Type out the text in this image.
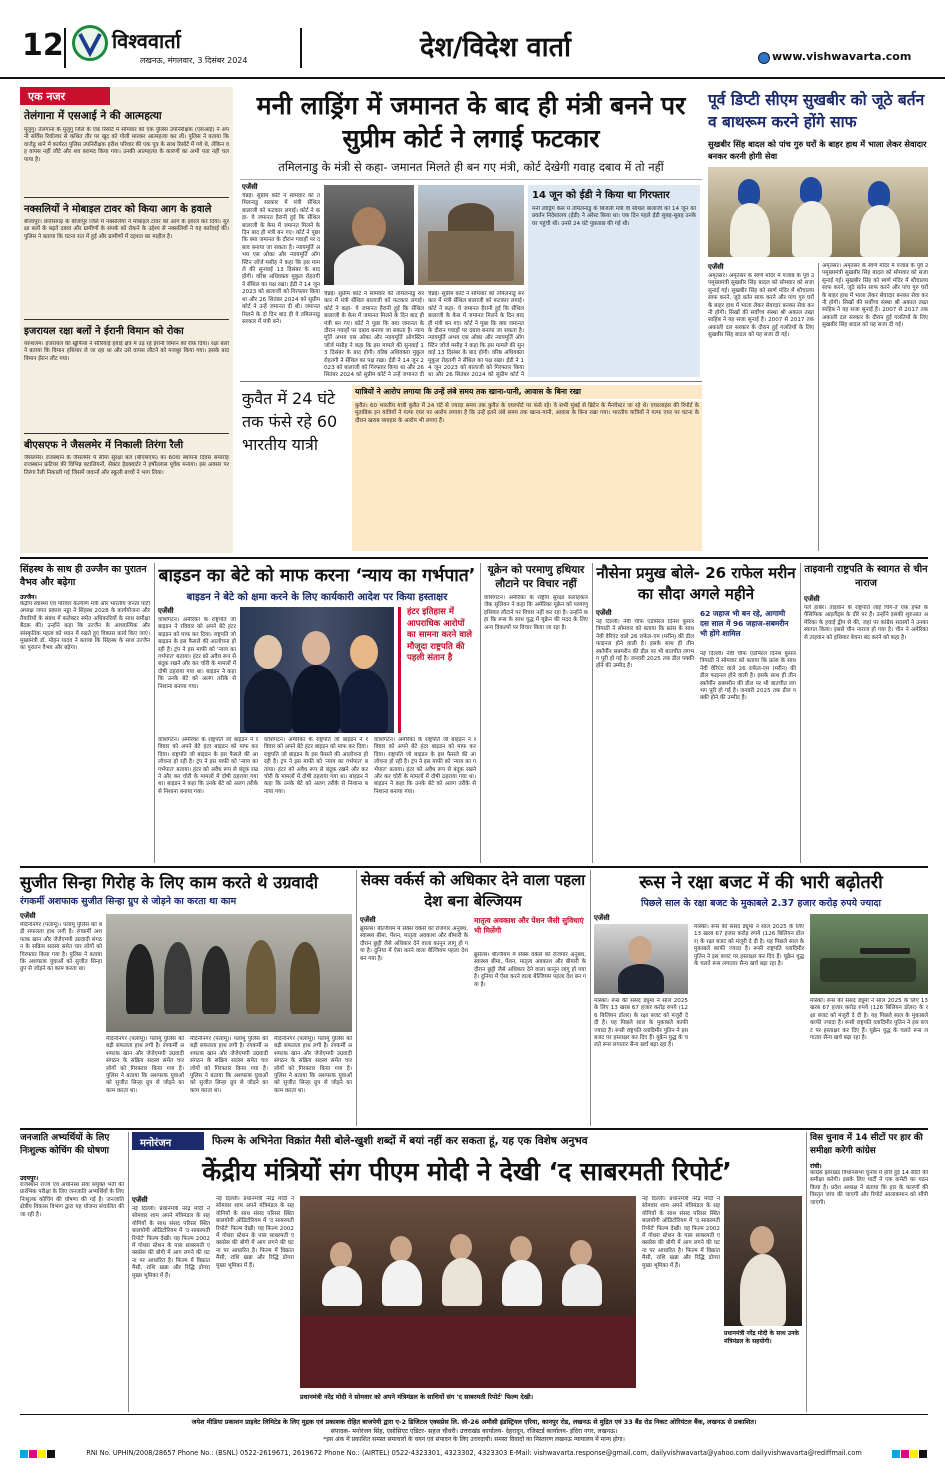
12 विश्ववार्ता
लखनऊ, मंगलवार, 3 दिसंबर 2024	देश/विदेश वार्ता	www.vishwavarta.com
एक नजर
तेलंगाना में एसआई ने की आत्महत्या
मुलुगु। तेलंगाना के मुलुगु जिले के एक रिसॉर्ट में सोमवार को एक पुलिस उपनिरीक्षक (एसआई) ने अपनी सर्विस रिवॉल्वर से कथित तौर पर खुद को गोली मारकर आत्महत्या कर ली। पुलिस ने बताया कि वाजेडु थाने में कार्यरत पुलिस उपनिरीक्षक हरीश परिवार की एक पुत्र के साथ रिसॉर्ट में गये थे, लेकिन वह वापस नहीं लौटे और शव बरामद किया गया। उनकी आत्महत्या के कारणों का अभी पता नहीं चल पाया है।
नक्सलियों ने मोबाइल टावर को किया आग के हवाले
बीजापुर। छत्तीसगढ़ के बीजापुर जिले में नक्सलियों ने मोबाइल टावर को आग के हवाले कर दिया। सुरक्षा बलों के बढ़ते दबाव और ग्रामीणों के संपर्क को रोकने के उद्देश्य से नक्सलियों ने यह कार्रवाई की। पुलिस ने बताया कि घटना रात में हुई और ग्रामीणों में दहशत का माहौल है।
इजरायल रक्षा बलों ने ईरानी विमान को रोका
यरुशलम। इजरायल की खुफिया ने सीरियाई हवाई क्षेत्र में उड़ रहे ईरानी विमान को रोक दिया। रक्षा बलों ने बताया कि विमान हथियार ले जा रहा था और उसे वापस लौटने को मजबूर किया गया। इसके बाद विमान ईरान लौट गया।
बीएसएफ ने जैसलमेर में निकाली तिरंगा रैली
जैसलमेर। राजस्थान के जैसलमेर में सीमा सुरक्षा बल (बीएसएफ) का 60वां स्थापना दिवस समारोह राजस्थान फ्रंटियर की विभिन्न बटालियनों, सेक्टर हेडक्वार्टर ने हर्षोल्लास पूर्वक मनाया। इस अवसर पर तिरंगा रैली निकाली गई जिसमें जवानों और स्कूली बच्चों ने भाग लिया।
मनी लाड्रिंग में जमानत के बाद ही मंत्री बनने पर सुप्रीम कोर्ट ने लगाई फटकार
तमिलनाडु के मंत्री से कहा- जमानत मिलते ही बन गए मंत्री, कोर्ट देखेगी गवाह दबाव में तो नहीं
एजेंसी
चेन्नई। सुप्रीम कोर्ट ने सोमवार को तमिलनाडु सरकार में मंत्री सेंथिल बालाजी को फटकार लगाई। कोर्ट ने कहा- ये जमानत हैरानी हुई कि सेंथिल बालाजी के केस में जमानत मिलने के दिन बाद ही मंत्री बन गए। कोर्ट ने पूछा कि क्या जमानत के दौरान गवाहों पर दबाव बनाया जा सकता है। न्यायमूर्ति अभय एस ओका और न्यायमूर्ति ऑगस्टिन जॉर्ज मसीह ने कहा कि इस मामले की सुनवाई 13 दिसंबर के बाद होगी। वरिष्ठ अधिवक्ता मुकुल रोहतगी ने सेंथिल का पक्ष रखा। ईडी ने 14 जून 2023 को बालाजी को गिरफ्तार किया था और 26 सितंबर 2024 को सुप्रीम कोर्ट ने उन्हें जमानत दी थी। जमानत मिलने के दो दिन बाद ही वे तमिलनाडु सरकार में मंत्री बने।
14 जून को ईडी ने किया था गिरफ्तार
मनी लॉड्रिंग केस में तमिलनाडु के बिजली मंत्री वी सेंथिल बालाजी को 14 जून को प्रवर्तन निदेशालय (ईडी) ने अरेस्ट किया था। एक दिन पहले ईडी सुबह-सुबह उनके घर पहुंची थी। उनसे 24 घंटे पूछताछ की गई थी।
चेन्नई। सुप्रीम कोर्ट ने सोमवार को तमिलनाडु सरकार में मंत्री सेंथिल बालाजी को फटकार लगाई। कोर्ट ने कहा- ये जमानत हैरानी हुई कि सेंथिल बालाजी के केस में जमानत मिलने के दिन बाद ही मंत्री बन गए। कोर्ट ने पूछा कि क्या जमानत के दौरान गवाहों पर दबाव बनाया जा सकता है। न्यायमूर्ति अभय एस ओका और न्यायमूर्ति ऑगस्टिन जॉर्ज मसीह ने कहा कि इस मामले की सुनवाई 13 दिसंबर के बाद होगी। वरिष्ठ अधिवक्ता मुकुल रोहतगी ने सेंथिल का पक्ष रखा। ईडी ने 14 जून 2023 को बालाजी को गिरफ्तार किया था और 26 सितंबर 2024 को सुप्रीम कोर्ट ने उन्हें जमानत दी
चेन्नई। सुप्रीम कोर्ट ने सोमवार को तमिलनाडु सरकार में मंत्री सेंथिल बालाजी को फटकार लगाई। कोर्ट ने कहा- ये जमानत हैरानी हुई कि सेंथिल बालाजी के केस में जमानत मिलने के दिन बाद ही मंत्री बन गए। कोर्ट ने पूछा कि क्या जमानत के दौरान गवाहों पर दबाव बनाया जा सकता है। न्यायमूर्ति अभय एस ओका और न्यायमूर्ति ऑगस्टिन जॉर्ज मसीह ने कहा कि इस मामले की सुनवाई 13 दिसंबर के बाद होगी। वरिष्ठ अधिवक्ता मुकुल रोहतगी ने सेंथिल का पक्ष रखा। ईडी ने 14 जून 2023 को बालाजी को गिरफ्तार किया था और 26 सितंबर 2024 को सुप्रीम कोर्ट ने
कुवैत में 24 घंटे तक फंसे रहे 60 भारतीय यात्री
यात्रियों ने आरोप लगाया कि उन्हें लंबे समय तक खाना-पानी, आवास के बिना रखा
कुवैत। 60 भारतीय यात्री कुवैत में 24 घंटे से ज्यादा समय तक कुवैत के एयरपोर्ट पर फंसे रहे। वे सभी मुंबई से ब्रिटेन के मैनचेस्टर जा रहे थे। एयरलाइंस की रिपोर्ट के मुताबिक इन यात्रियों ने गल्फ एयर पर आरोप लगाया है कि उन्हें इतने लंबे समय तक खाना-पानी, आवास के बिना रखा गया। भारतीय यात्रियों ने गल्फ एयर पर घटना के दौरान खराब व्यवहार के आरोप भी लगाए हैं।
पूर्व डिप्टी सीएम सुखबीर को जूठे बर्तन व बाथरूम करने होंगे साफ
सुखबीर सिंह बादल को पांच गुरु घरों के बाहर हाथ में भाला लेकर सेवादार बनकर करनी होगी सेवा
एजेंसी
अमृतसर। अमृतसर के स्वर्ण मंदिर में पंजाब के पूर्व उपमुख्यमंत्री सुखबीर सिंह बादल को सोमवार को सजा सुनाई गई। सुखबीर सिंह को स्वर्ण मंदिर में शौचालय साफ करने, जूठे बर्तन साफ करने और पांच गुरु घरों के बाहर हाथ में भाला लेकर सेवादार बनकर सेवा करनी होगी। सिखों की सर्वोच्च संस्था श्री अकाल तख्त साहिब ने यह सजा सुनाई है। 2007 से 2017 तक अकाली दल सरकार के दौरान हुई गलतियों के लिए सुखबीर सिंह बादल को यह सजा दी गई।
अमृतसर। अमृतसर के स्वर्ण मंदिर में पंजाब के पूर्व उपमुख्यमंत्री सुखबीर सिंह बादल को सोमवार को सजा सुनाई गई। सुखबीर सिंह को स्वर्ण मंदिर में शौचालय साफ करने, जूठे बर्तन साफ करने और पांच गुरु घरों के बाहर हाथ में भाला लेकर सेवादार बनकर सेवा करनी होगी। सिखों की सर्वोच्च संस्था श्री अकाल तख्त साहिब ने यह सजा सुनाई है। 2007 से 2017 तक अकाली दल सरकार के दौरान हुई गलतियों के लिए सुखबीर सिंह बादल को यह सजा दी गई।
सिंहस्थ के साथ ही उज्जैन का पुरातन वैभव और बढ़ेगा
उज्जैन।
केंद्रीय स्वास्थ्य एवं परिवार कल्याण मंत्री और भारतीय जनता पार्टी अध्यक्ष जगत प्रकाश नड्डा ने सिंहस्थ 2028 के कार्ययोजना और तैयारियों के संबंध में कलेक्टर समेत अधिकारियों के साथ समीक्षा बैठक की। उन्होंने कहा कि उज्जैन के आध्यात्मिक और सांस्कृतिक महत्व को ध्यान में रखते हुए विकास कार्य किए जाएं। मुख्यमंत्री डॉ. मोहन यादव ने बताया कि सिंहस्थ के साथ उज्जैन का पुरातन वैभव और बढ़ेगा।
बाइडन का बेटे को माफ करना ‘न्याय का गर्भपात’
बाइडन ने बेटे को क्षमा करने के लिए कार्यकारी आदेश पर किया हस्ताक्षर
एजेंसी
वाशिंगटन। अमेरिका के राष्ट्रपति जो बाइडन ने रविवार को अपने बेटे हंटर बाइडन को माफ कर दिया। राष्ट्रपति जो बाइडन के इस फैसले की आलोचना हो रही है। ट्रंप ने इस माफी को 'न्याय का गर्भपात' बताया। हंटर को अवैध रूप से बंदूक रखने और कर चोरी के मामलों में दोषी ठहराया गया था। बाइडन ने कहा कि उनके बेटे को अलग तरीके से निशाना बनाया गया।
हंटर इतिहास में आपराधिक आरोपों का सामना करने वाले मौजूदा राष्ट्रपति की पहली संतान है
वाशिंगटन। अमेरिका के राष्ट्रपति जो बाइडन ने रविवार को अपने बेटे हंटर बाइडन को माफ कर दिया। राष्ट्रपति जो बाइडन के इस फैसले की आलोचना हो रही है। ट्रंप ने इस माफी को 'न्याय का गर्भपात' बताया। हंटर को अवैध रूप से बंदूक रखने और कर चोरी के मामलों में दोषी ठहराया गया था। बाइडन ने कहा कि उनके बेटे को अलग तरीके से निशाना बनाया गया।
वाशिंगटन। अमेरिका के राष्ट्रपति जो बाइडन ने रविवार को अपने बेटे हंटर बाइडन को माफ कर दिया। राष्ट्रपति जो बाइडन के इस फैसले की आलोचना हो रही है। ट्रंप ने इस माफी को 'न्याय का गर्भपात' बताया। हंटर को अवैध रूप से बंदूक रखने और कर चोरी के मामलों में दोषी ठहराया गया था। बाइडन ने कहा कि उनके बेटे को अलग तरीके से निशाना बनाया गया।
वाशिंगटन। अमेरिका के राष्ट्रपति जो बाइडन ने रविवार को अपने बेटे हंटर बाइडन को माफ कर दिया। राष्ट्रपति जो बाइडन के इस फैसले की आलोचना हो रही है। ट्रंप ने इस माफी को 'न्याय का गर्भपात' बताया। हंटर को अवैध रूप से बंदूक रखने और कर चोरी के मामलों में दोषी ठहराया गया था। बाइडन ने कहा कि उनके बेटे को अलग तरीके से निशाना बनाया गया।
यूक्रेन को परमाणु हथियार लौटाने पर विचार नहीं
वाशिंगटन। अमेरिका के राष्ट्रीय सुरक्षा सलाहकार जेक सुलिवन ने कहा कि अमेरिका यूक्रेन को परमाणु हथियार लौटाने पर विचार नहीं कर रहा है। उन्होंने कहा कि रूस के साथ युद्ध में यूक्रेन की मदद के लिए अन्य विकल्पों पर विचार किया जा रहा है।
नौसेना प्रमुख बोले- 26 राफेल मरीन का सौदा अगले महीने
एजेंसी	62 जहाज भी बन रहे, आगामी दस साल में 96 जहाज-सबमरीन भी होंगे शामिल
नई दिल्ली। नेवी चीफ एडमिरल दिनेश कुमार त्रिपाठी ने सोमवार को बताया कि फ्रांस के साथ नेवी वेरिएंट वाले 26 राफेल-एम (मरीन) की डील फाइनल होने वाली है। इसके साथ ही तीन स्कॉर्पीन सबमरीन की डील पर भी बातचीत लगभग पूरी हो गई है। जनवरी 2025 तक डील पक्की होने की उम्मीद है।
नई दिल्ली। नेवी चीफ एडमिरल दिनेश कुमार त्रिपाठी ने सोमवार को बताया कि फ्रांस के साथ नेवी वेरिएंट वाले 26 राफेल-एम (मरीन) की डील फाइनल होने वाली है। इसके साथ ही तीन स्कॉर्पीन सबमरीन की डील पर भी बातचीत लगभग पूरी हो गई है। जनवरी 2025 तक डील पक्की होने की उम्मीद है।
ताइवानी राष्ट्रपति के स्वागत से चीन नाराज
एजेंसी
पर्ल हार्बर। ताइवान के राष्ट्रपति लाई चिंग-ते एक हफ्ते के पैसिफिक आइलैंड्स के दौरे पर हैं। उन्होंने इसकी शुरुआत अमेरिका के हवाई द्वीप से की, जहां पर कांग्रेस सदस्यों ने उनका स्वागत किया। इससे चीन नाराज हो गया है। चीन ने अमेरिका से ताइवान को हथियार बेचना बंद करने को कहा है।
सुजीत सिन्हा गिरोह के लिए काम करते थे उग्रवादी
रंगकर्मी अशफाक सुजीत सिन्हा ग्रुप से जोड़ने का करता था काम
एजेंसी
मेदिनीनगर (पलामू)। पलामू पुलिस को बड़ी सफलता हाथ लगी है। रंगकर्मी अशफाक खान और जेजेएमपी उग्रवादी संगठन के सक्रिय सदस्य समेत चार लोगों को गिरफ्तार किया गया है। पुलिस ने बताया कि अशफाक युवाओं को सुजीत सिन्हा ग्रुप से जोड़ने का काम करता था।
मेदिनीनगर (पलामू)। पलामू पुलिस को बड़ी सफलता हाथ लगी है। रंगकर्मी अशफाक खान और जेजेएमपी उग्रवादी संगठन के सक्रिय सदस्य समेत चार लोगों को गिरफ्तार किया गया है। पुलिस ने बताया कि अशफाक युवाओं को सुजीत सिन्हा ग्रुप से जोड़ने का काम करता था।
मेदिनीनगर (पलामू)। पलामू पुलिस को बड़ी सफलता हाथ लगी है। रंगकर्मी अशफाक खान और जेजेएमपी उग्रवादी संगठन के सक्रिय सदस्य समेत चार लोगों को गिरफ्तार किया गया है। पुलिस ने बताया कि अशफाक युवाओं को सुजीत सिन्हा ग्रुप से जोड़ने का काम करता था।
मेदिनीनगर (पलामू)। पलामू पुलिस को बड़ी सफलता हाथ लगी है। रंगकर्मी अशफाक खान और जेजेएमपी उग्रवादी संगठन के सक्रिय सदस्य समेत चार लोगों को गिरफ्तार किया गया है। पुलिस ने बताया कि अशफाक युवाओं को सुजीत सिन्हा ग्रुप से जोड़ने का काम करता था।
सेक्स वर्कर्स को अधिकार देने वाला पहला देश बना बेल्जियम
एजेंसी	मातृत्व अवकाश और पेंशन जैसी सुविधाएं भी मिलेंगी
ब्रुसेल्स। बेल्जियम में सेक्स वर्कर्स को रोजगार अनुबंध, स्वास्थ्य बीमा, पेंशन, मातृत्व अवकाश और बीमारी के दौरान छुट्टी जैसे अधिकार देने वाला कानून लागू हो गया है। दुनिया में ऐसा करने वाला बेल्जियम पहला देश बन गया है।
ब्रुसेल्स। बेल्जियम में सेक्स वर्कर्स को रोजगार अनुबंध, स्वास्थ्य बीमा, पेंशन, मातृत्व अवकाश और बीमारी के दौरान छुट्टी जैसे अधिकार देने वाला कानून लागू हो गया है। दुनिया में ऐसा करने वाला बेल्जियम पहला देश बन गया है।
रूस ने रक्षा बजट में की भारी बढ़ोतरी
पिछले साल के रक्षा बजट के मुकाबले 2.37 हजार करोड़ रुपये ज्यादा
एजेंसी
मास्को। रूस की संसद ड्यूमा ने साल 2025 के लिए 13 खरब 67 हजार करोड़ रुपये (126 बिलियन डॉलर) के रक्षा बजट को मंजूरी दे दी है। यह पिछले साल के मुकाबले काफी ज्यादा है। रूसी राष्ट्रपति व्लादिमीर पुतिन ने इस बजट पर हस्ताक्षर कर दिए हैं। यूक्रेन युद्ध के चलते रूस लगातार सैन्य खर्च बढ़ा रहा है।
मास्को। रूस की संसद ड्यूमा ने साल 2025 के लिए 13 खरब 67 हजार करोड़ रुपये (126 बिलियन डॉलर) के रक्षा बजट को मंजूरी दे दी है। यह पिछले साल के मुकाबले काफी ज्यादा है। रूसी राष्ट्रपति व्लादिमीर पुतिन ने इस बजट पर हस्ताक्षर कर दिए हैं। यूक्रेन युद्ध के चलते रूस लगातार सैन्य खर्च बढ़ा रहा है।
मास्को। रूस की संसद ड्यूमा ने साल 2025 के लिए 13 खरब 67 हजार करोड़ रुपये (126 बिलियन डॉलर) के रक्षा बजट को मंजूरी दे दी है। यह पिछले साल के मुकाबले काफी ज्यादा है। रूसी राष्ट्रपति व्लादिमीर पुतिन ने इस बजट पर हस्ताक्षर कर दिए हैं। यूक्रेन युद्ध के चलते रूस लगातार सैन्य खर्च बढ़ा रहा है।
जनजाति अभ्यर्थियों के लिए निःशुल्क कोचिंग की घोषणा
उदयपुर।
राजस्थान राज्य एवं अधीनस्थ सेवा संयुक्त भर्ती की प्रारंभिक परीक्षा के लिए जनजाति अभ्यर्थियों के लिए निःशुल्क कोचिंग की घोषणा की गई है। जनजाति क्षेत्रीय विकास विभाग द्वारा यह योजना संचालित की जा रही है।
मनोरंजन	फिल्म के अभिनेता विक्रांत मैसी बोले-खुशी शब्दों में बयां नहीं कर सकता हूं, यह एक विशेष अनुभव
केंद्रीय मंत्रियों संग पीएम मोदी ने देखी ‘द साबरमती रिपोर्ट’
एजेंसी
नई दिल्ली। प्रधानमंत्री नरेंद्र मोदी ने सोमवार शाम अपने मंत्रिमंडल के सहयोगियों के साथ संसद परिसर स्थित बालयोगी ऑडिटोरियम में 'द साबरमती रिपोर्ट' फिल्म देखी। यह फिल्म 2002 में गोधरा स्टेशन के पास साबरमती एक्सप्रेस की बोगी में आग लगने की घटना पर आधारित है। फिल्म में विक्रांत मैसी, राशि खन्ना और रिद्धि डोगरा मुख्य भूमिका में हैं।
नई दिल्ली। प्रधानमंत्री नरेंद्र मोदी ने सोमवार शाम अपने मंत्रिमंडल के सहयोगियों के साथ संसद परिसर स्थित बालयोगी ऑडिटोरियम में 'द साबरमती रिपोर्ट' फिल्म देखी। यह फिल्म 2002 में गोधरा स्टेशन के पास साबरमती एक्सप्रेस की बोगी में आग लगने की घटना पर आधारित है। फिल्म में विक्रांत मैसी, राशि खन्ना और रिद्धि डोगरा मुख्य भूमिका में हैं।
प्रधानमंत्री नरेंद्र मोदी ने सोमवार को अपने मंत्रिमंडल के साथियों संग 'द साबरमती रिपोर्ट' फिल्म देखी।
नई दिल्ली। प्रधानमंत्री नरेंद्र मोदी ने सोमवार शाम अपने मंत्रिमंडल के सहयोगियों के साथ संसद परिसर स्थित बालयोगी ऑडिटोरियम में 'द साबरमती रिपोर्ट' फिल्म देखी। यह फिल्म 2002 में गोधरा स्टेशन के पास साबरमती एक्सप्रेस की बोगी में आग लगने की घटना पर आधारित है। फिल्म में विक्रांत मैसी, राशि खन्ना और रिद्धि डोगरा मुख्य भूमिका में हैं।
प्रधानमंत्री नरेंद्र मोदी के साथ उनके मंत्रिमंडल के सहयोगी।
विस चुनाव में 14 सीटों पर हार की समीक्षा करेगी कांग्रेस
रांची।
कांग्रेस झारखंड विधानसभा चुनाव में हारी हुई 14 सीटों की समीक्षा करेगी। इसके लिए पार्टी ने एक कमेटी का गठन किया है। प्रदेश अध्यक्ष ने बताया कि हार के कारणों की विस्तृत जांच की जाएगी और रिपोर्ट आलाकमान को सौंपी जाएगी।
जयेश मीडिया प्रकाशन प्राइवेट लिमिटेड के लिए मुद्रक एवं प्रकाशक रोहित बाजपेयी द्वारा ए-2 डिजिटल एक्सप्रेस लि. सी-26 अमौसी इंडस्ट्रियल एरिया, कानपुर रोड, लखनऊ से मुद्रित एवं 33 बैंड रोड निकट ओरियंटल बैंक, लखनऊ से प्रकाशित।
संपादक- मनोरंजन सिंह, एसोसिएट एडिटर- सहज चौधरी। उत्तराखंड कार्यालय- देहरादून, रजिस्टर्ड कार्यालय- इंदिरा नगर, लखनऊ।
*इस अंक में प्रकाशित समस्त समाचारों के चयन एवं संपादन के लिए उत्तरदायी। समस्त विवादों का निस्तारण लखनऊ न्यायालय में मान्य होगा।
RNI No. UPHIN/2008/28657 Phone No.: (BSNL) 0522-2619671, 2619672 Phone No.: (AIRTEL) 0522-4323301, 4323302, 4323303 E-Mail: vishwavarta.response@gmail.com, dailyvishwavarta@yahoo.com dailyvishwavarta@rediffmail.com
